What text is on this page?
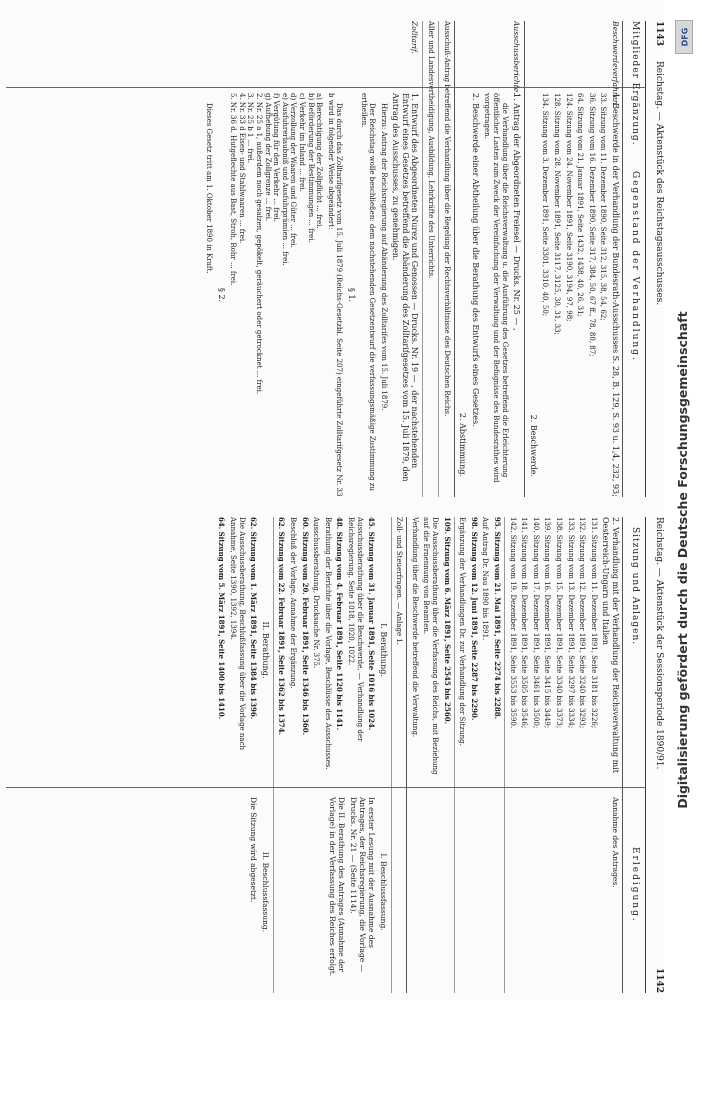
1143
Reichstag. — Aktenstück des Reichstagsausschusses.
Mitglieder Ergänzung.
Gegenstand der Verhandlung.
Beschwerdeverfahren.

1. Beschwerde in der Verhandlung der Bundesrath-Ausschusses S. 28, B. 129, S. 93 u. 1,4, 232, 93;

33. Sitzung vom 11. Dezember 1890, Seite 312, 315, 38, 54, 62;

36. Sitzung vom 16. Dezember 1890, Seite 317, 384, 50, 67 ff., 78, 80, 87;

64. Sitzung vom 21. Januar 1891, Seite 1432, 1438, 40, 26, 31;

124. Sitzung vom 24. November 1891, Seite 3190, 3194, 97, 98;

128. Sitzung vom 28. November 1891, Seite 3117, 3125, 30, 31, 33;

134. Sitzung vom 3. Dezember 1891, Seite 3301, 3310, 40, 50;

2. Beschwerde.

Ausschussberichte.

1. Antrag der Abgeordneten Freiesel — Drucks. Nr. 25 — ,

die Verhandlung über die Reichsverwaltung u. die Ausführung des Gesetzes betreffend die Erleichterung öffentlicher Lasten zum Zweck der Vereinfachung der Verwaltung und der Befugnisse des Bundesrathes wird vorgetragen.

2. Beschwerde einer Abtheilung über die Berathung des Entwurfs eines Gesetzes.

2. Abstimmung.

Ausschuß-Antrag betreffend die Verhandlung über die Regelung der Rechtsverhältnisse des Deutschen Reichs.

Aller und Landesvertheidigung, Ausbildung, Lehrkräfte des Unterrichts.

Zolltarif.

1. Entwurf des Abgeordneten Nurez und Genossen — Drucks. Nr. 19 — , der nachstehenden Entwurf eines Gesetzes betreffend die Abänderung des Zolltarifgesetzes vom 15. Juli 1879, den Antrag des Ausschusses, zu genehmigen.

Hierzu: Antrag der Reichsregierung auf Abänderung des Zolltarifes vom 15. Juli 1879.

Der Reichstag wolle beschließen: dem nachstehenden Gesetzentwurf die verfassungsmäßige Zustimmung zu ertheilen.

§ 1.

Das durch das Zolltarifgesetz vom 15. Juli 1879 (Reichs-Gesetzbl. Seite 207) eingeführte Zolltarifgesetz Nr. 33 b wird in folgender Weise abgeändert:

a) Berechtigung der Zollpflicht ... frei.
b) Beförderung der Bestimmungen ... frei.
c) Verkehr im Inland ... frei.
d) Verzollung der Waaren und Güter ... frei.
e) Ausfuhrerlaubniß und Ausfuhrprämien ... frei.
f) Vergütung für den Verkehr ... frei.
g) Aufhebung der Zollgrenze ... frei.
2. Nr. 25 a 1, außerdem noch gesalzen, gepökelt, geräuchert oder getrocknet ... frei.
3. Nr. 25 b 1 ... frei.
4. Nr. 33 d Eisen- und Stahlwaaren ... frei.
5. Nr. 36 d. Hutgeflechte aus Bast, Stroh, Rohr ... frei.

§ 2.

Dieses Gesetz tritt am 1. Oktober 1890 in Kraft.

Reichstag. — Aktenstück der Sessionsperiode 1890/91.
1142
Sitzung und Anlagen.
Erledigung.

2. Verhandlung mit der Verhandlung der Reichsverwaltung mit Oesterreich-Ungarn und Italien

131. Sitzung vom 11. Dezember 1891, Seite 3181 bis 3226;

132. Sitzung vom 12. Dezember 1891, Seite 3240 bis 3293;

133. Sitzung vom 13. Dezember 1891, Seite 3297 bis 3334;

138. Sitzung vom 15. Dezember 1891, Seite 3340 bis 3373;

139. Sitzung vom 16. Dezember 1891, Seite 3415 bis 3449;

140. Sitzung vom 17. Dezember 1891, Seite 3461 bis 3500;

141. Sitzung vom 18. Dezember 1891, Seite 3505 bis 3546;

142. Sitzung vom 19. Dezember 1891, Seite 3553 bis 3590.

Annahme des Antrages.

95. Sitzung vom 21. Mai 1891, Seite 2274 bis 2288.

Auf Antrag Dr. Nau 1890 bis 1891.

98. Sitzung vom 12. Juni 1891, Seite 2287 bis 2290.

Ergänzung der Verhandlungen Dr. zur Verhandlung der Sitzung.

109. Sitzung vom 6. März 1891, Seite 2545 bis 2560.

Die Ausschussberathung über die Verfassung des Reichs, mit Beziehung auf die Ernennung von Beamten.

Verhandlung über die Beschwerde betreffend die Verwaltung.

Zoll- und Steuerfragen. — Anlage 1.

I. Berathung.

45. Sitzung vom 31. Januar 1891, Seite 1016 bis 1024.

Ausschussberathung über die Beschwerde, — Verhandlung der Reichsregierung, Seite 1018, 1020, 1022.

48. Sitzung vom 4. Februar 1891, Seite 1120 bis 1141.

Berathung der Berichte über die Vorlage, Beschlüsse des Ausschusses.

Ausschussberathung, Drucksache Nr. 375.

60. Sitzung vom 20. Februar 1891, Seite 1346 bis 1360.

Beschluß der Vorlage, Annahme der Ergänzung.

62. Sitzung vom 22. Februar 1891, Seite 1362 bis 1374.

I. Beschlussfassung.

In erster Lesung mit der Ausnahme des Antrages, der Reichsregierung, die Vorlage — Drucks. Nr. 21 — (Seite 1114).

Die II. Berathung des Antrages (Annahme der Vorlage) in der Verfassung des Reiches erfolgt.

II. Berathung.

62. Sitzung vom 1. März 1891, Seite 1384 bis 1396.

Die Ausschussberathung, Beschlußfassung über die Vorlage nach Annahme, Seite 1390, 1392, 1394.

64. Sitzung vom 5. März 1891, Seite 1400 bis 1410.

II. Beschlussfassung.

Die Sitzung wird abgesetzt.

DFG
Digitalisierung gefördert durch die Deutsche Forschungsgemeinschaft
